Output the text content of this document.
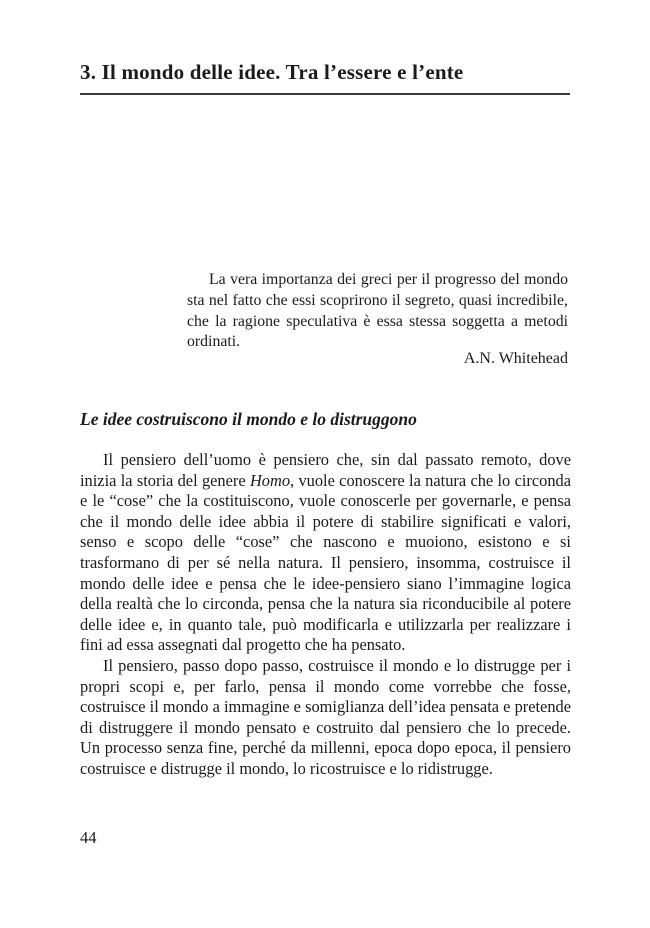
3. Il mondo delle idee. Tra l’essere e l’ente
La vera importanza dei greci per il progresso del mondo sta nel fatto che essi scoprirono il segreto, quasi incredibile, che la ragione speculativa è essa stessa soggetta a metodi ordinati.
A.N. Whitehead
Le idee costruiscono il mondo e lo distruggono

Il pensiero dell’uomo è pensiero che, sin dal passato remoto, dove inizia la storia del genere Homo, vuole conoscere la natura che lo circonda e le “cose” che la costituiscono, vuole conoscerle per governarle, e pensa che il mondo delle idee abbia il potere di stabilire significati e valori, senso e scopo delle “cose” che nascono e muoiono, esistono e si trasformano di per sé nella natura. Il pensiero, insomma, costruisce il mondo delle idee e pensa che le idee-pensiero siano l’immagine logica della realtà che lo circonda, pensa che la natura sia riconducibile al potere delle idee e, in quanto tale, può modificarla e utilizzarla per realizzare i fini ad essa assegnati dal progetto che ha pensato.

Il pensiero, passo dopo passo, costruisce il mondo e lo distrugge per i propri scopi e, per farlo, pensa il mondo come vorrebbe che fosse, costruisce il mondo a immagine e somiglianza dell’idea pensata e pretende di distruggere il mondo pensato e costruito dal pensiero che lo precede. Un processo senza fine, perché da millenni, epoca dopo epoca, il pensiero costruisce e distrugge il mondo, lo ricostruisce e lo ridistrugge.

44
